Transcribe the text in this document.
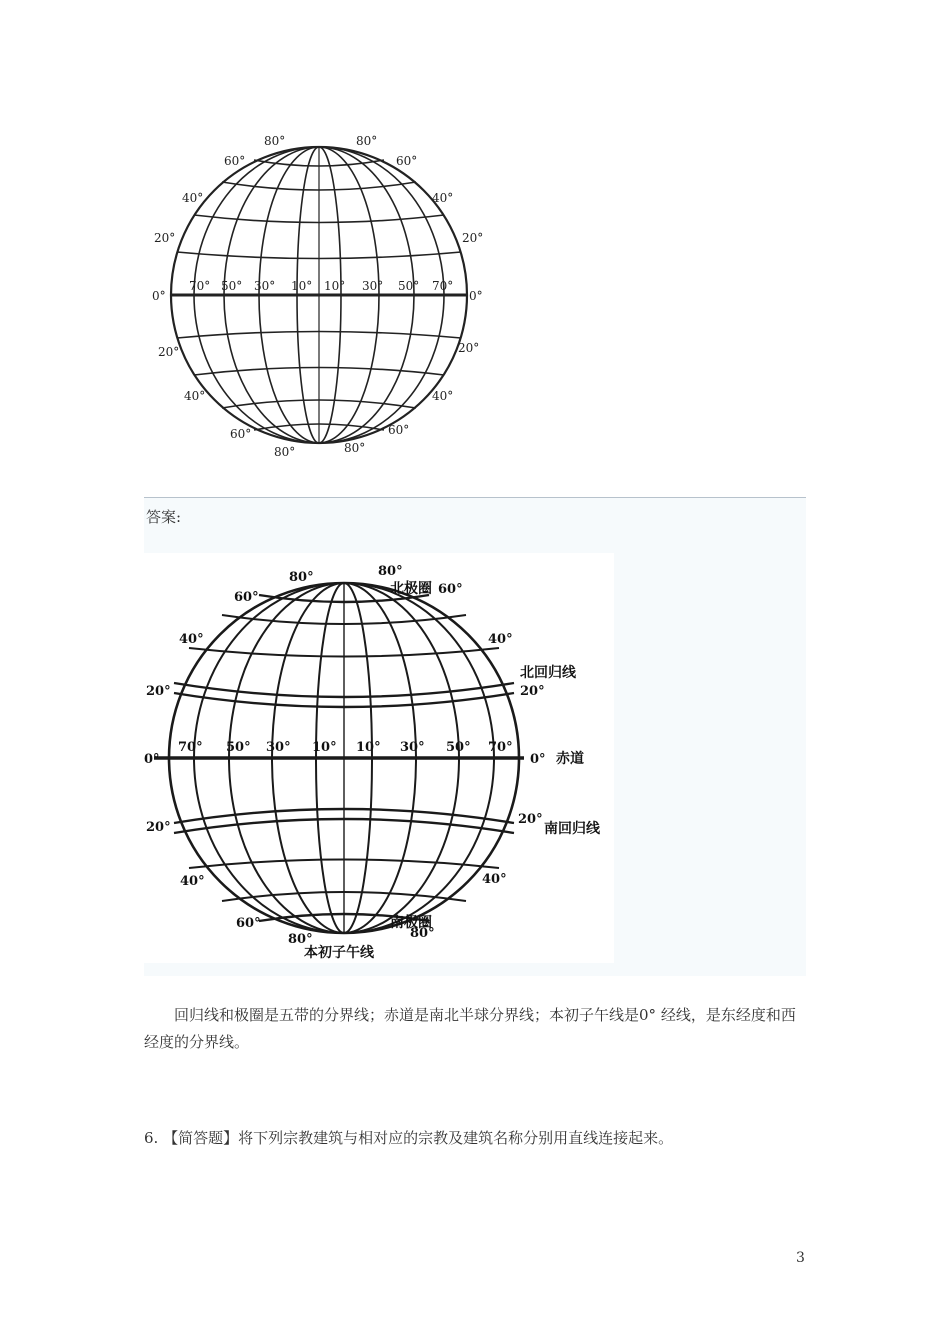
80°	80°
60°	60°
40°	40°
20°	20°
0°	0°
20°	20°
40°	40°
60°	60°
80°	80°
70° 50° 30° 10° 10° 30° 50° 70°
答案:
北极圈
北回归线
赤道
南回归线
南极圈
本初子午线
80°	80°
60°
60°
40°	40°
20°	20°
0°	0°
20°
20°
40°	40°
60°
80°	80°
70° 50° 30° 10° 10° 30° 50° 70°
回归线和极圈是五带的分界线；赤道是南北半球分界线；本初子午线是0° 经线，是东经度和西经度的分界线。
6. 【简答题】将下列宗教建筑与相对应的宗教及建筑名称分别用直线连接起来。
3
